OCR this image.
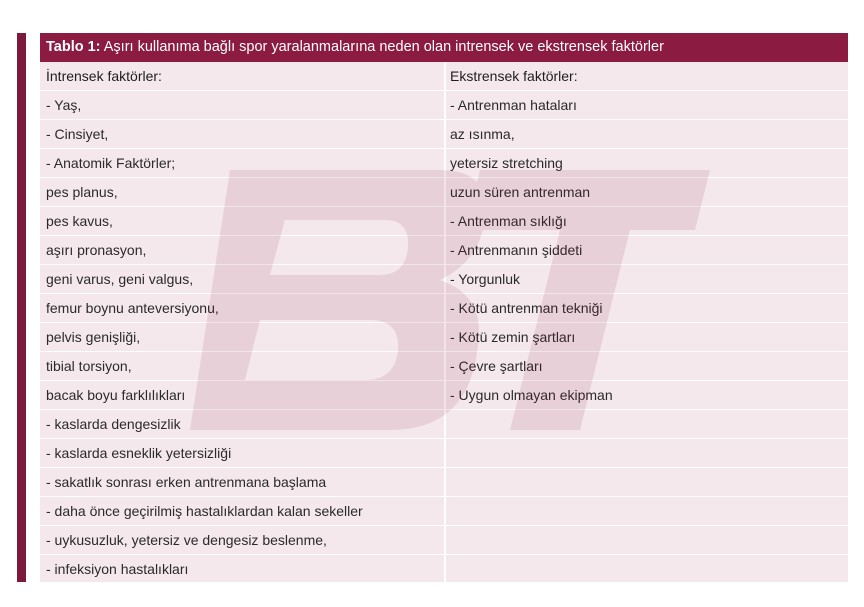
Tablo 1: Aşırı kullanıma bağlı spor yaralanmalarına neden olan intrensek ve ekstrensek faktörler
İntrensek faktörler:	Ekstrensek faktörler:
- Yaş,	- Antrenman hataları
- Cinsiyet,	az ısınma,
- Anatomik Faktörler;	yetersiz stretching
pes planus,	uzun süren antrenman
pes kavus,	- Antrenman sıklığı
aşırı pronasyon,	- Antrenmanın şiddeti
geni varus, geni valgus,	- Yorgunluk
femur boynu anteversiyonu,	- Kötü antrenman tekniği
pelvis genişliği,	- Kötü zemin şartları
tibial torsiyon,	- Çevre şartları
bacak boyu farklılıkları	- Uygun olmayan ekipman
- kaslarda dengesizlik
- kaslarda esneklik yetersizliği
- sakatlık sonrası erken antrenmana başlama
- daha önce geçirilmiş hastalıklardan kalan sekeller
- uykusuzluk, yetersiz ve dengesiz beslenme,
- infeksiyon hastalıkları
